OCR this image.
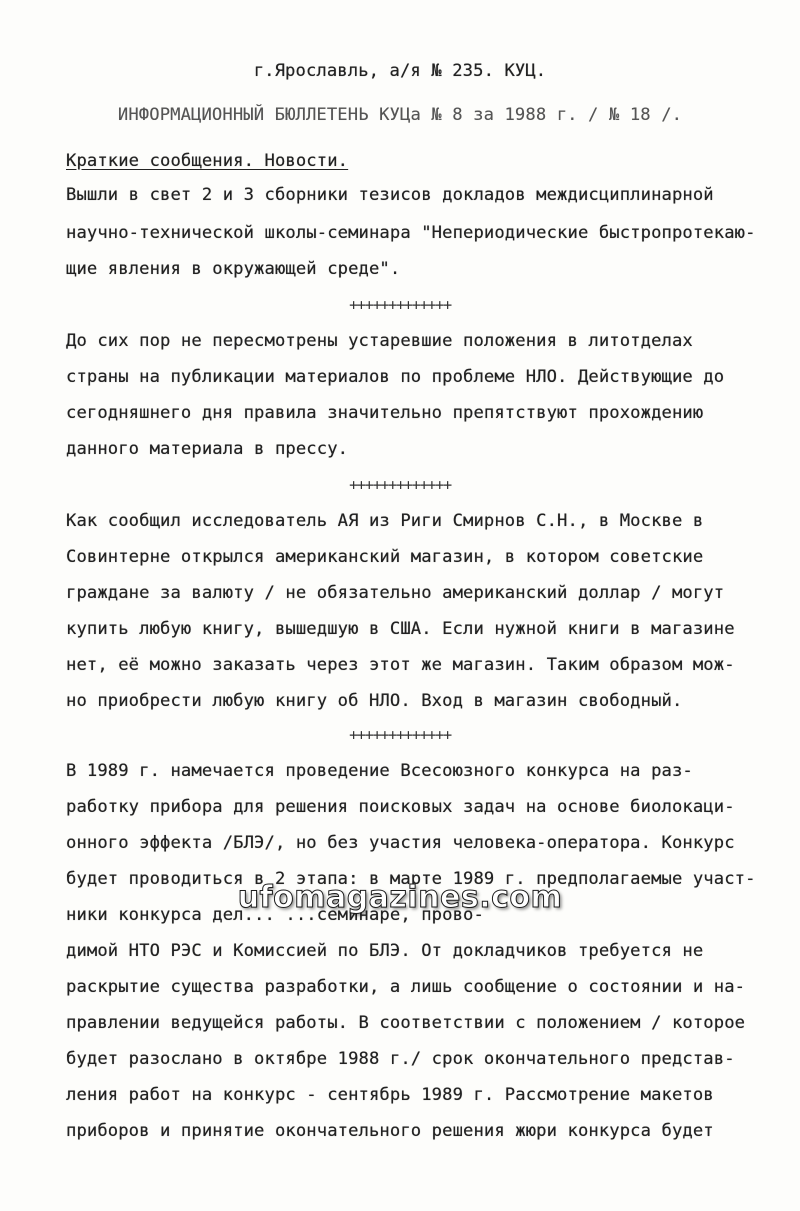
г.Ярославль, а/я № 235. КУЦ.
ИНФОРМАЦИОННЫЙ БЮЛЛЕТЕНЬ КУЦа № 8 за 1988 г. / № 18 /.
Краткие сообщения. Новости.
Вышли в свет 2 и 3 сборники тезисов докладов междисциплинарной
научно-технической школы-семинара "Непериодические быстропротекаю-
щие явления в окружающей среде".
+++++++++++++
До сих пор не пересмотрены устаревшие положения в литотделах
страны на публикации материалов по проблеме НЛО. Действующие до
сегодняшнего дня правила значительно препятствуют прохождению
данного материала в прессу.
+++++++++++++
Как сообщил исследователь АЯ из Риги Смирнов С.Н., в Москве в
Совинтерне открылся американский магазин, в котором советские
граждане за валюту / не обязательно американский доллар / могут
купить любую книгу, вышедшую в США. Если нужной книги в магазине
нет, её можно заказать через этот же магазин. Таким образом мож-
но приобрести любую книгу об НЛО. Вход в магазин свободный.
+++++++++++++
В 1989 г. намечается проведение Всесоюзного конкурса на раз-
работку прибора для решения поисковых задач на основе биолокаци-
онного эффекта /БЛЭ/, но без участия человека-оператора. Конкурс
будет проводиться в 2 этапа: в марте 1989 г. предполагаемые участ-
ники конкурса дел... ...семинаре, прово-
димой НТО РЭС и Комиссией по БЛЭ. От докладчиков требуется не
раскрытие существа разработки, а лишь сообщение о состоянии и на-
правлении ведущейся работы. В соответствии с положением / которое
будет разослано в октябре 1988 г./ срок окончательного представ-
ления работ на конкурс - сентябрь 1989 г. Рассмотрение макетов
приборов и принятие окончательного решения жюри конкурса будет
ufomagazines.com
